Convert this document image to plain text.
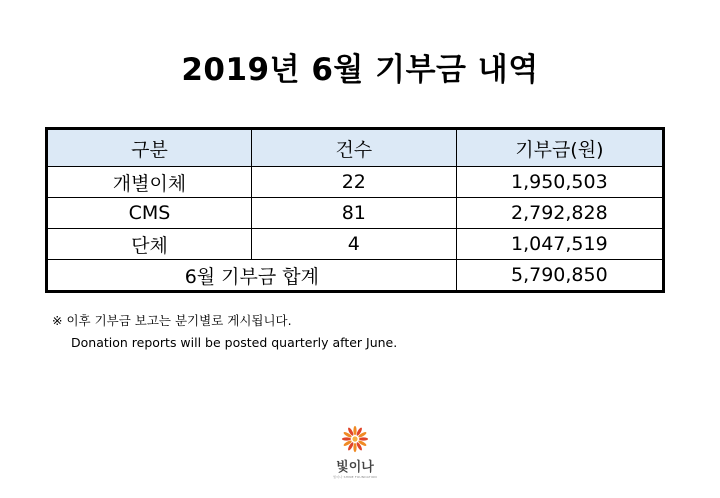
2019년 6월 기부금 내역
구분	건수	기부금(원)
개별이체	22	1,950,503
CMS	81	2,792,828
단체	4	1,047,519
6월 기부금 합계		5,790,850
※ 이후 기부금 보고는 분기별로 게시됩니다.
Donation reports will be posted quarterly after June.
빛이나
빛이나 SHINE FOUNDATION
